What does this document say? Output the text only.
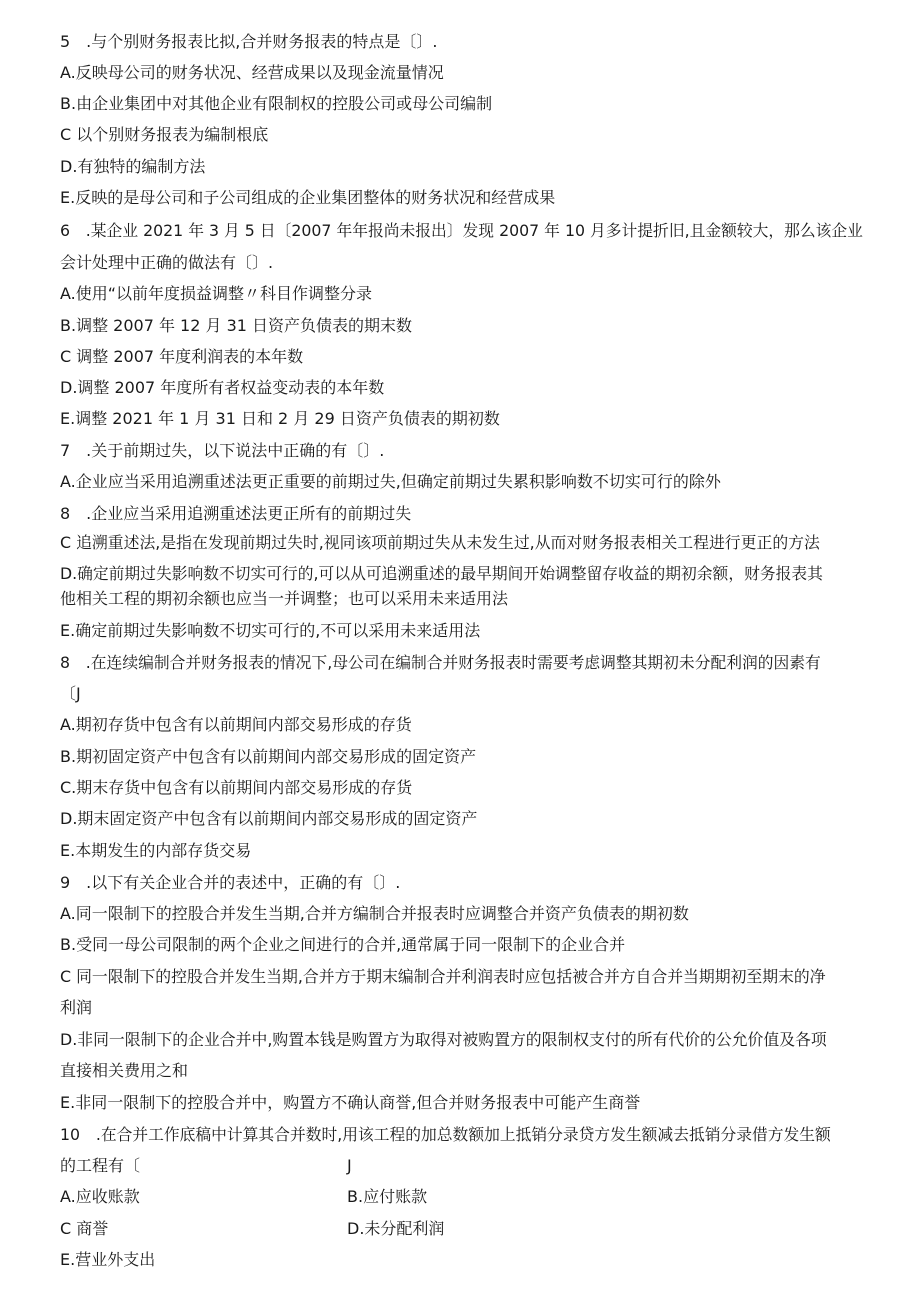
5　.与个别财务报表比拟,合并财务报表的特点是〔〕.
A.反映母公司的财务状况、经营成果以及现金流量情况
B.由企业集团中对其他企业有限制权的控股公司或母公司编制
C 以个别财务报表为编制根底
D.有独特的编制方法
E.反映的是母公司和子公司组成的企业集团整体的财务状况和经营成果
6　.某企业 2021 年 3 月 5 日〔2007 年年报尚未报出〕发现 2007 年 10 月多计提折旧,且金额较大，那么该企业
会计处理中正确的做法有〔〕.
A.使用“以前年度损益调整〃科目作调整分录
B.调整 2007 年 12 月 31 日资产负债表的期末数
C 调整 2007 年度利润表的本年数
D.调整 2007 年度所有者权益变动表的本年数
E.调整 2021 年 1 月 31 日和 2 月 29 日资产负债表的期初数
7　.关于前期过失，以下说法中正确的有〔〕.
A.企业应当采用追溯重述法更正重要的前期过失,但确定前期过失累积影响数不切实可行的除外
8　.企业应当采用追溯重述法更正所有的前期过失
C 追溯重述法,是指在发现前期过失时,视同该项前期过失从未发生过,从而对财务报表相关工程进行更正的方法
D.确定前期过失影响数不切实可行的,可以从可追溯重述的最早期间开始调整留存收益的期初余额，财务报表其
他相关工程的期初余额也应当一并调整；也可以采用未来适用法
E.确定前期过失影响数不切实可行的,不可以采用未来适用法
8　.在连续编制合并财务报表的情况下,母公司在编制合并财务报表时需要考虑调整其期初未分配利润的因素有
〔J
A.期初存货中包含有以前期间内部交易形成的存货
B.期初固定资产中包含有以前期间内部交易形成的固定资产
C.期末存货中包含有以前期间内部交易形成的存货
D.期末固定资产中包含有以前期间内部交易形成的固定资产
E.本期发生的内部存货交易
9　.以下有关企业合并的表述中，正确的有〔〕.
A.同一限制下的控股合并发生当期,合并方编制合并报表时应调整合并资产负债表的期初数
B.受同一母公司限制的两个企业之间进行的合并,通常属于同一限制下的企业合并
C 同一限制下的控股合并发生当期,合并方于期末编制合并利润表时应包括被合并方自合并当期期初至期末的净
利润
D.非同一限制下的企业合并中,购置本钱是购置方为取得对被购置方的限制权支付的所有代价的公允价值及各项
直接相关费用之和
E.非同一限制下的控股合并中，购置方不确认商誉,但合并财务报表中可能产生商誉
10　.在合并工作底稿中计算其合并数时,用该工程的加总数额加上抵销分录贷方发生额减去抵销分录借方发生额
的工程有〔	J
A.应收账款	B.应付账款
C 商誉	D.未分配利润
E.营业外支出
